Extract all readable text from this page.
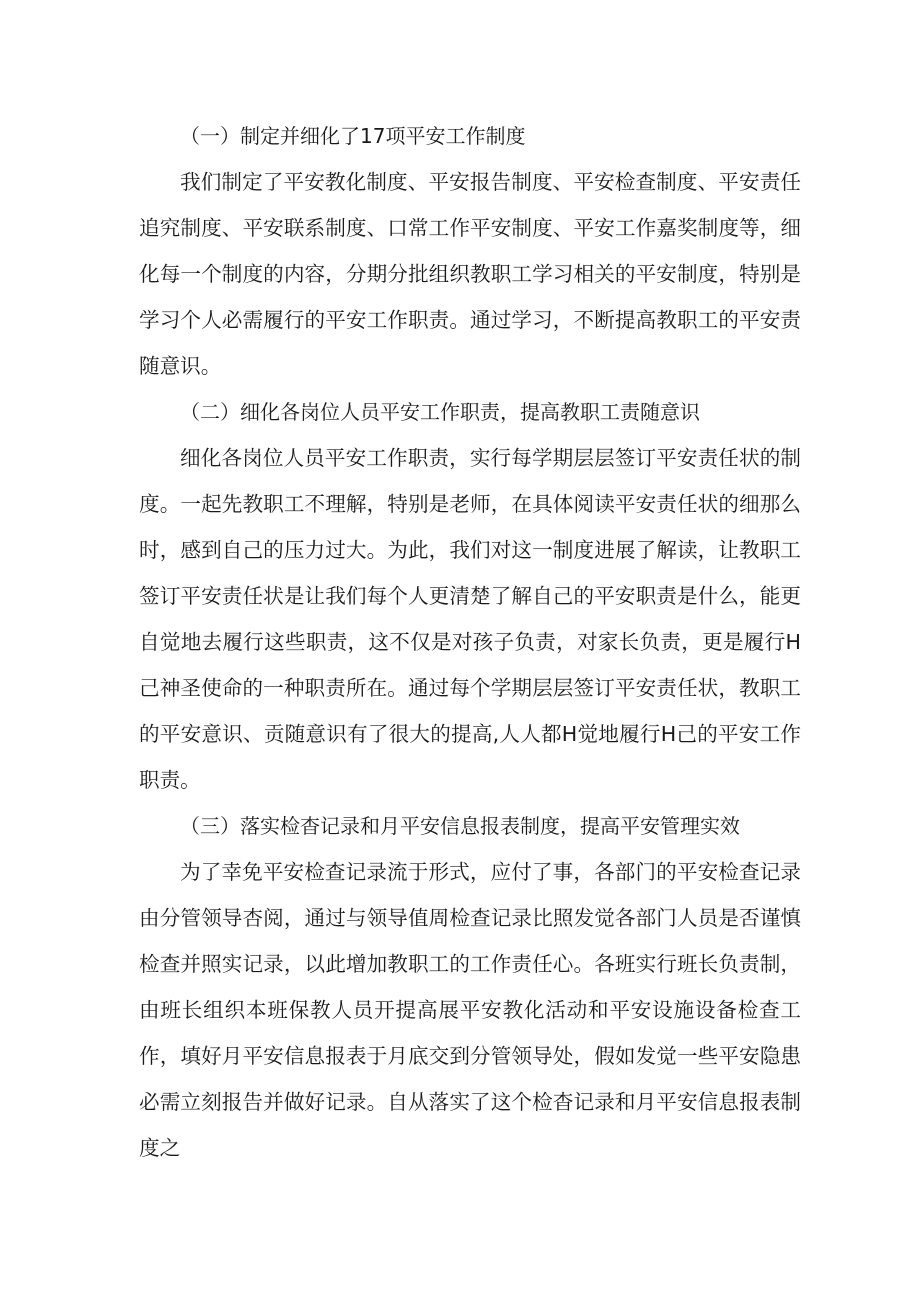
（一）制定并细化了17项平安工作制度

我们制定了平安教化制度、平安报告制度、平安检查制度、平安责任追究制度、平安联系制度、口常工作平安制度、平安工作嘉奖制度等，细化每一个制度的内容，分期分批组织教职工学习相关的平安制度，特别是学习个人必需履行的平安工作职责。通过学习，不断提高教职工的平安责随意识。

（二）细化各岗位人员平安工作职责，提高教职工责随意识

细化各岗位人员平安工作职责，实行每学期层层签订平安责任状的制度。一起先教职工不理解，特别是老师，在具体阅读平安责任状的细那么时，感到自己的压力过大。为此，我们对这一制度进展了解读，让教职工签订平安责任状是让我们每个人更清楚了解自己的平安职责是什么，能更自觉地去履行这些职责，这不仅是对孩子负责，对家长负责，更是履行H己神圣使命的一种职责所在。通过每个学期层层签订平安责任状，教职工的平安意识、贡随意识有了很大的提高,人人都H觉地履行H己的平安工作职责。

（三）落实检杳记录和月平安信息报表制度，提高平安管理实效

为了幸免平安检查记录流于形式，应付了事，各部门的平安检查记录由分管领导杏阅，通过与领导值周检查记录比照发觉各部门人员是否谨慎检查并照实记录，以此增加教职工的工作责任心。各班实行班长负责制，由班长组织本班保教人员开提高展平安教化活动和平安设施设备检查工作，填好月平安信息报表于月底交到分管领导处，假如发觉一些平安隐患必需立刻报告并做好记录。自从落实了这个检杳记录和月平安信息报表制度之
